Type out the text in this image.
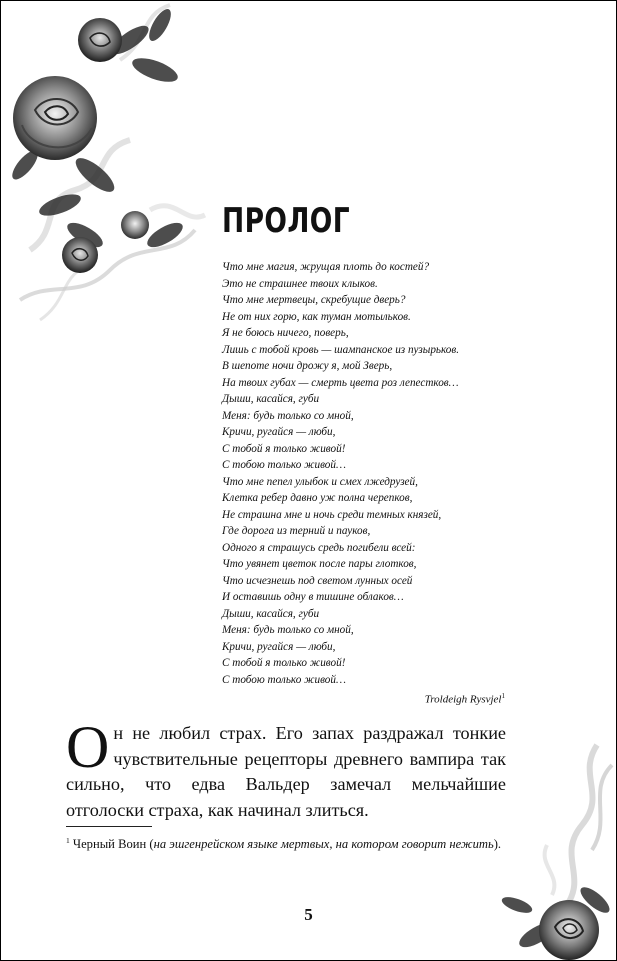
ПРОЛОГ
Что мне магия, жрущая плоть до костей?
Это не страшнее твоих клыков.
Что мне мертвецы, скребущие дверь?
Не от них горю, как туман мотыльков.
Я не боюсь ничего, поверь,
Лишь с тобой кровь — шампанское из пузырьков.
В шепоте ночи дрожу я, мой Зверь,
На твоих губах — смерть цвета роз лепестков…
Дыши, касайся, губи
Меня: будь только со мной,
Кричи, ругайся — люби,
С тобой я только живой!
С тобою только живой…
Что мне пепел улыбок и смех лжедрузей,
Клетка ребер давно уж полна черепков,
Не страшна мне и ночь среди темных князей,
Где дорога из терний и пауков,
Одного я страшусь средь погибели всей:
Что увянет цветок после пары глотков,
Что исчезнешь под светом лунных осей
И оставишь одну в тишине облаков…
Дыши, касайся, губи
Меня: будь только со мной,
Кричи, ругайся — люби,
С тобой я только живой!
С тобою только живой…
Troldeigh Rysvjel$^1$

Он не любил страх. Его запах раздражал тонкие чувствительные рецепторы древнего вампира так сильно, что едва Вальдер замечал мельчайшие отголоски страха, как начинал злиться.

$^1$ Черный Воин (на эшгенрейском языке мертвых, на котором говорит нежить).

5
